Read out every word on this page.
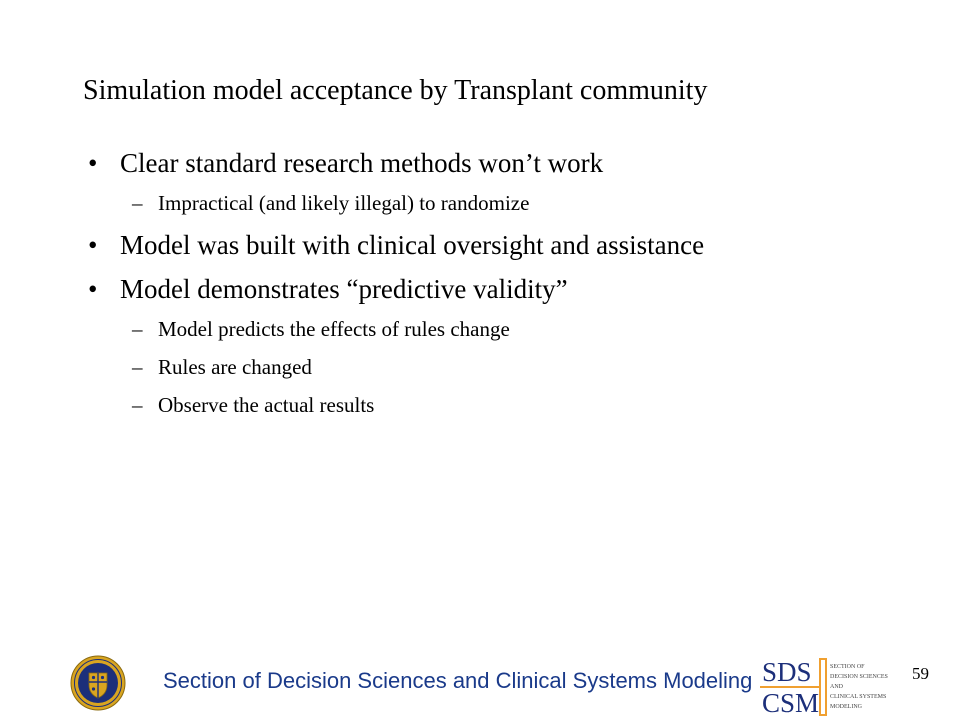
Simulation model acceptance by Transplant community
• Clear standard research methods won’t work
– Impractical (and likely illegal) to randomize
• Model was built with clinical oversight and assistance
• Model demonstrates “predictive validity”
– Model predicts the effects of rules change
– Rules are changed
– Observe the actual results
Section of Decision Sciences and Clinical Systems Modeling SDS
CSM
SECTION OF
DECISION SCIENCES
AND
CLINICAL SYSTEMS
MODELING
59
